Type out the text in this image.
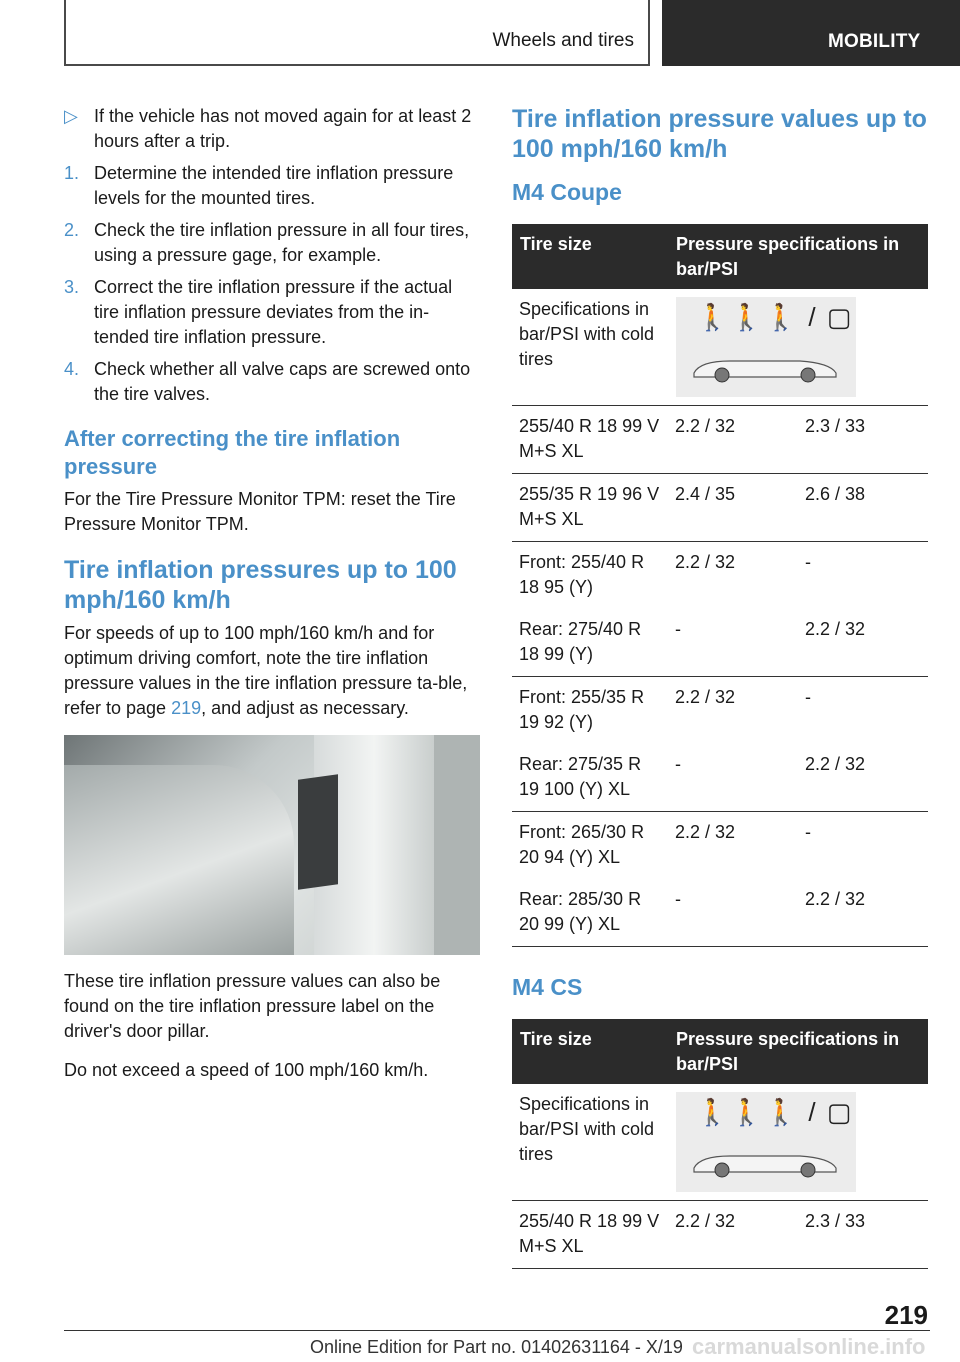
Wheels and tires	MOBILITY
▷ If the vehicle has not moved again for at least 2 hours after a trip.
1. Determine the intended tire inflation pressure levels for the mounted tires.
2. Check the tire inflation pressure in all four tires, using a pressure gage, for example.
3. Correct the tire inflation pressure if the actual tire inflation pressure deviates from the in-tended tire inflation pressure.
4. Check whether all valve caps are screwed onto the tire valves.
After correcting the tire inflation pressure

For the Tire Pressure Monitor TPM: reset the Tire Pressure Monitor TPM.

Tire inflation pressures up to 100 mph/160 km/h

For speeds of up to 100 mph/160 km/h and for optimum driving comfort, note the tire inflation pressure values in the tire inflation pressure ta-ble, refer to page 219, and adjust as necessary.

These tire inflation pressure values can also be found on the tire inflation pressure label on the driver's door pillar.

Do not exceed a speed of 100 mph/160 km/h.

Tire inflation pressure values up to 100 mph/160 km/h
M4 Coupe
Tire size	Pressure specifications in bar/PSI	
Specifications in bar/PSI with cold tires	🚶🚶🚶 / ▢	

255/40 R 18 99 V M+S XL	2.2 / 32	2.3 / 33
255/35 R 19 96 V M+S XL	2.4 / 35	2.6 / 38
Front: 255/40 R 18 95 (Y)	2.2 / 32	-
Rear: 275/40 R 18 99 (Y)	-	2.2 / 32
Front: 255/35 R 19 92 (Y)	2.2 / 32	-
Rear: 275/35 R 19 100 (Y) XL	-	2.2 / 32
Front: 265/30 R 20 94 (Y) XL	2.2 / 32	-
Rear: 285/30 R 20 99 (Y) XL	-	2.2 / 32
M4 CS
Tire size	Pressure specifications in bar/PSI	
Specifications in bar/PSI with cold tires	🚶🚶🚶 / ▢	

255/40 R 18 99 V M+S XL	2.2 / 32	2.3 / 33
219
Online Edition for Part no. 01402631164 - X/19 carmanualsonline.info
